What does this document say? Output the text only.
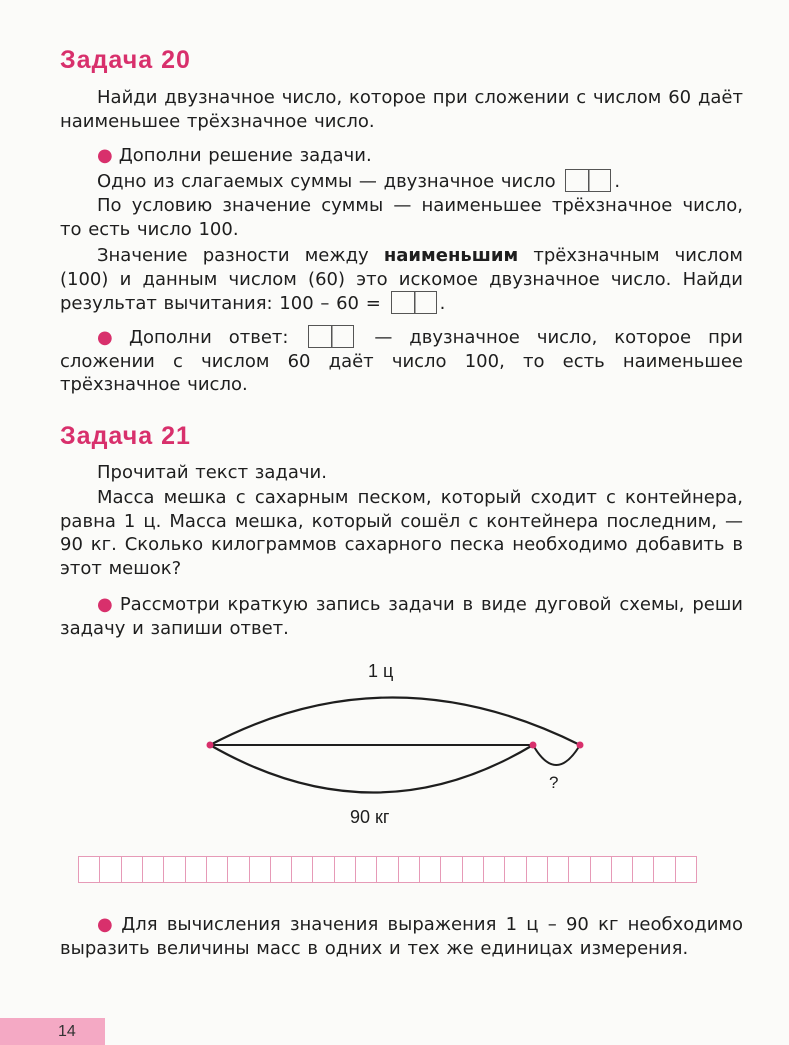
Задача 20

Найди двузначное число, которое при сложении с числом 60 даёт наименьшее трёхзначное число.

● Дополни решение задачи.

Одно из слагаемых суммы — двузначное число	.

По условию значение суммы — наименьшее трёхзначное число, то есть число 100.

Значение разности между наименьшим трёхзначным числом (100) и данным числом (60) это искомое двузначное число. Найди результат вычитания: 100 – 60 =	.

● Дополни ответ:	— двузначное число, которое при сложении с числом 60 даёт число 100, то есть наименьшее трёхзначное число.

Задача 21

Прочитай текст задачи.

Масса мешка с сахарным песком, который сходит с контейнера, равна 1 ц. Масса мешка, который сошёл с контейнера последним, — 90 кг. Сколько килограммов сахарного песка необходимо добавить в этот мешок?

● Рассмотри краткую запись задачи в виде дуговой схемы, реши задачу и запиши ответ.

1 ц
90 кг
?

● Для вычисления значения выражения 1 ц – 90 кг необходимо выразить величины масс в одних и тех же единицах измерения.

14
